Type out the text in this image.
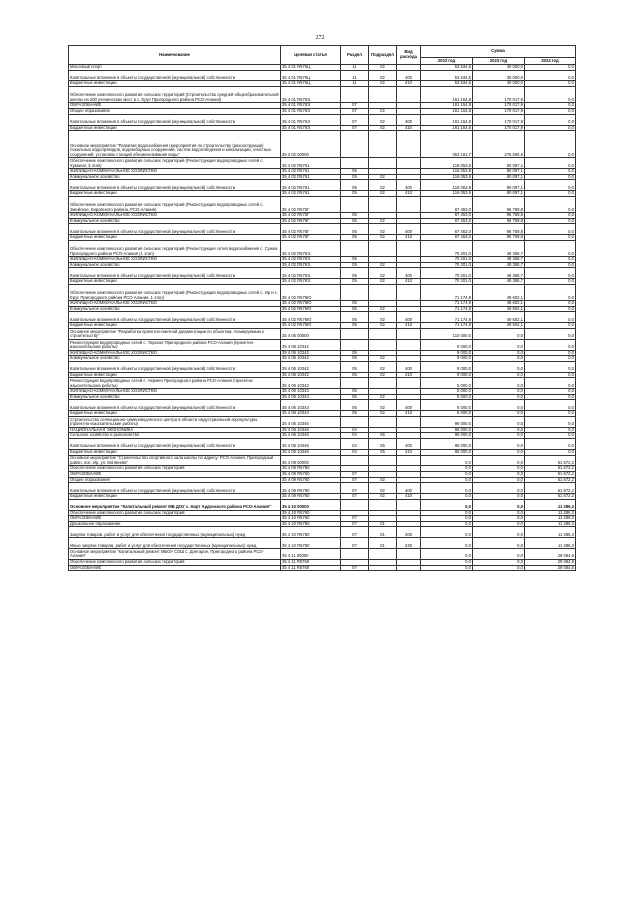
272
Наименование	Целевая статья	Раздел	Подраздел	Вид расхода	Сумма		
					2022 год	2023 год	2024 год
Массовый спорт	35 4 01 R576Ц	11	02		53 534,5	30 000,0	0,0
Капитальные вложения в объекты государственной (муниципальной) собственности	35 4 01 R576Ц	11	02	400	53 534,5	30 000,0	0,0
Бюджетные инвестиции	35 4 01 R576Ц	11	02	410	53 534,5	30 000,0	0,0
Обеспечение комплексного развития сельских территорий (Строительство средней общеобразовательной школы на 200 ученических мест в с. Ерус Пригородного района РСО-Алания)	35 4 01 R576Э				161 154,8	170 017,9	0,0
ОБРАЗОВАНИЕ	35 4 01 R576Э	07			161 154,8	170 017,9	0,0
Общее образование	35 4 01 R576Э	07	02		161 154,8	170 017,9	0,0
Капитальные вложения в объекты государственной (муниципальной) собственности	35 4 01 R576Э	07	02	400	161 154,8	170 017,9	0,0
Бюджетные инвестиции	35 4 01 R576Э	07	02	410	161 154,8	170 017,9	0,0
Основное мероприятие "Развитие водоснабжения (мероприятия по строительству (реконструкции) локальных водопроводов, водозаборных сооружений, систем водоотведения и канализации, очистных сооружений, установок станций обезжелезивания воды"	35 4 02 00000				353 181,7	276 505,6	0,0
Обеспечение комплексного развития сельских территорий (Реконструкция водопроводных сетей с. Хумалаг, 3 этап)	35 4 02 R5761				116 053,8	80 097,1	0,0
ЖИЛИЩНО-КОММУНАЛЬНОЕ ХОЗЯЙСТВО	35 4 02 R5761	05			116 053,8	80 097,1	0,0
Коммунальное хозяйство	35 4 02 R5761	05	02		116 053,8	80 097,1	0,0
Капитальные вложения в объекты государственной (муниципальной) собственности	35 4 02 R5761	05	02	400	116 053,8	80 097,1	0,0
Бюджетные инвестиции	35 4 02 R5761	05	02	410	116 053,8	80 097,1	0,0
Обеспечение комплексного развития сельских территорий (Реконструкция водопроводных сетей с. Змейское, Кировского района, РСО-Алания)	35 4 02 R576Г				67 453,0	96 759,8	0,0
ЖИЛИЩНО-КОММУНАЛЬНОЕ ХОЗЯЙСТВО	35 4 02 R576Г	05			67 453,0	96 759,8	0,0
Коммунальное хозяйство	35 4 02 R576Г	05	02		67 453,0	96 759,8	0,0
Капитальные вложения в объекты государственной (муниципальной) собственности	35 4 02 R576Г	05	02	400	67 453,0	96 759,8	0,0
Бюджетные инвестиции	35 4 02 R576Г	05	02	410	67 453,0	96 759,8	0,0
Обеспечение комплексного развития сельских территорий (Реконструкция сетей водоснабжения с. Сунжа Пригородного района РСО-Алания (1 этап)	35 4 02 R576Э				70 201,0	48 356,7	0,0
ЖИЛИЩНО-КОММУНАЛЬНОЕ ХОЗЯЙСТВО	35 4 02 R576Э	05			70 201,0	48 356,7	0,0
Коммунальное хозяйство	35 4 02 R576Э	05	02		70 201,0	48 356,7	0,0
Капитальные вложения в объекты государственной (муниципальной) собственности	35 4 02 R576Э	05	02	400	70 201,0	48 356,7	0,0
Бюджетные инвестиции	35 4 02 R576Э	05	02	410	70 201,0	48 356,7	0,0
Обеспечение комплексного развития сельских территорий (Реконструкция водопроводных сетей с. Ир и с. Ерус Пригородного района РСО-Алания, 1 этап)	35 4 02 R576Ю				71 174,9	49 602,1	0,0
ЖИЛИЩНО-КОММУНАЛЬНОЕ ХОЗЯЙСТВО	35 4 02 R576Ю	05			71 174,9	49 602,1	0,0
Коммунальное хозяйство	35 4 02 R576Ю	05	02		71 174,9	49 602,1	0,0
Капитальные вложения в объекты государственной (муниципальной) собственности	35 4 02 R576Ю	05	02	400	71 174,9	49 602,1	0,0
Бюджетные инвестиции	35 4 02 R576Ю	05	02	410	71 174,9	49 602,1	0,0
Основное мероприятие "Разработка проектно-сметной документации по объектам, планируемым к строительству"	35 4 06 00000				110 000,0	0,0	0,0
Реконструкция водопроводных сетей с. Тарское Пригородного района РСО-Алания (проектно-изыскательские работы)	35 4 06 10342				9 000,0	0,0	0,0
ЖИЛИЩНО-КОММУНАЛЬНОЕ ХОЗЯЙСТВО	35 4 06 10342	05			9 000,0	0,0	0,0
Коммунальное хозяйство	35 4 06 10342	05	02		9 000,0	0,0	0,0
Капитальные вложения в объекты государственной (муниципальной) собственности	35 4 06 10342	05	02	400	9 000,0	0,0	0,0
Бюджетные инвестиции	35 4 06 10342	05	02	410	9 000,0	0,0	0,0
Реконструкция водопроводных сетей с. Чермен Пригородного района РСО-Алания (проектно-изыскательские работы)	35 4 06 10343				5 000,0	0,0	0,0
ЖИЛИЩНО-КОММУНАЛЬНОЕ ХОЗЯЙСТВО	35 4 06 10343	05			5 000,0	0,0	0,0
Коммунальное хозяйство	35 4 06 10343	05	02		5 000,0	0,0	0,0
Капитальные вложения в объекты государственной (муниципальной) собственности	35 4 06 10343	05	02	400	5 000,0	0,0	0,0
Бюджетные инвестиции	35 4 06 10343	05	02	410	5 000,0	0,0	0,0
Строительство селекционно-семеноводческого центра в области индустриальной агрокультуры (проектно-изыскательские работы)	35 4 06 10346				96 000,0	0,0	0,0
НАЦИОНАЛЬНАЯ ЭКОНОМИКА	35 4 06 10346	04			96 000,0	0,0	0,0
Сельское хозяйство и рыболовство	35 4 06 10346	04	05		96 000,0	0,0	0,0
Капитальные вложения в объекты государственной (муниципальной) собственности	35 4 06 10346	04	05	400	96 000,0	0,0	0,0
Бюджетные инвестиции	35 4 06 10346	04	05	410	96 000,0	0,0	0,0
Основное мероприятие "Строительство спортивного зала школы по адресу: РСО-Алания, Пригородный район, пос. Ир, ул. Матвеева"	35 4 09 00000				0,0	0,0	61 672,2
Обеспечение комплексного развития сельских территорий	35 4 09 R5760				0,0	0,0	61 672,2
ОБРАЗОВАНИЕ	35 4 09 R5760	07			0,0	0,0	61 672,2
Общее образование	35 4 09 R5760	07	02		0,0	0,0	61 672,2
Капитальные вложения в объекты государственной (муниципальной) собственности	35 4 09 R5760	07	02	400	0,0	0,0	61 672,2
Бюджетные инвестиции	35 4 09 R5760	07	02	410	0,0	0,0	61 672,2
Основное мероприятие "Капитальный ремонт МБ ДОУ с. Нарт Ардонского района РСО-Алания"	35 4 10 00000				0,0	0,0	11 286,3
Обеспечение комплексного развития сельских территорий	35 4 10 R5760				0,0	0,0	11 286,3
ОБРАЗОВАНИЕ	35 4 10 R5760	07			0,0	0,0	11 286,3
Дошкольное образование	35 4 10 R5760	07	01		0,0	0,0	11 286,3
Закупка товаров, работ и услуг для обеспечения государственных (муниципальных) нужд	35 4 10 R5760	07	01	200	0,0	0,0	11 286,3
Иные закупки товаров, работ и услуг для обеспечения государственных (муниципальных) нужд	35 4 10 R5760	07	01	240	0,0	0,0	11 286,3
Основное мероприятие "Капитальный ремонт МБОУ СОШ с. Донгарон, Пригородного района РСО-Алания"	35 4 11 00000				0,0	0,0	29 084,6
Обеспечение комплексного развития сельских территорий	35 4 11 R5760				0,0	0,0	29 084,6
ОБРАЗОВАНИЕ	35 4 11 R5760	07			0,0	0,0	29 084,6
